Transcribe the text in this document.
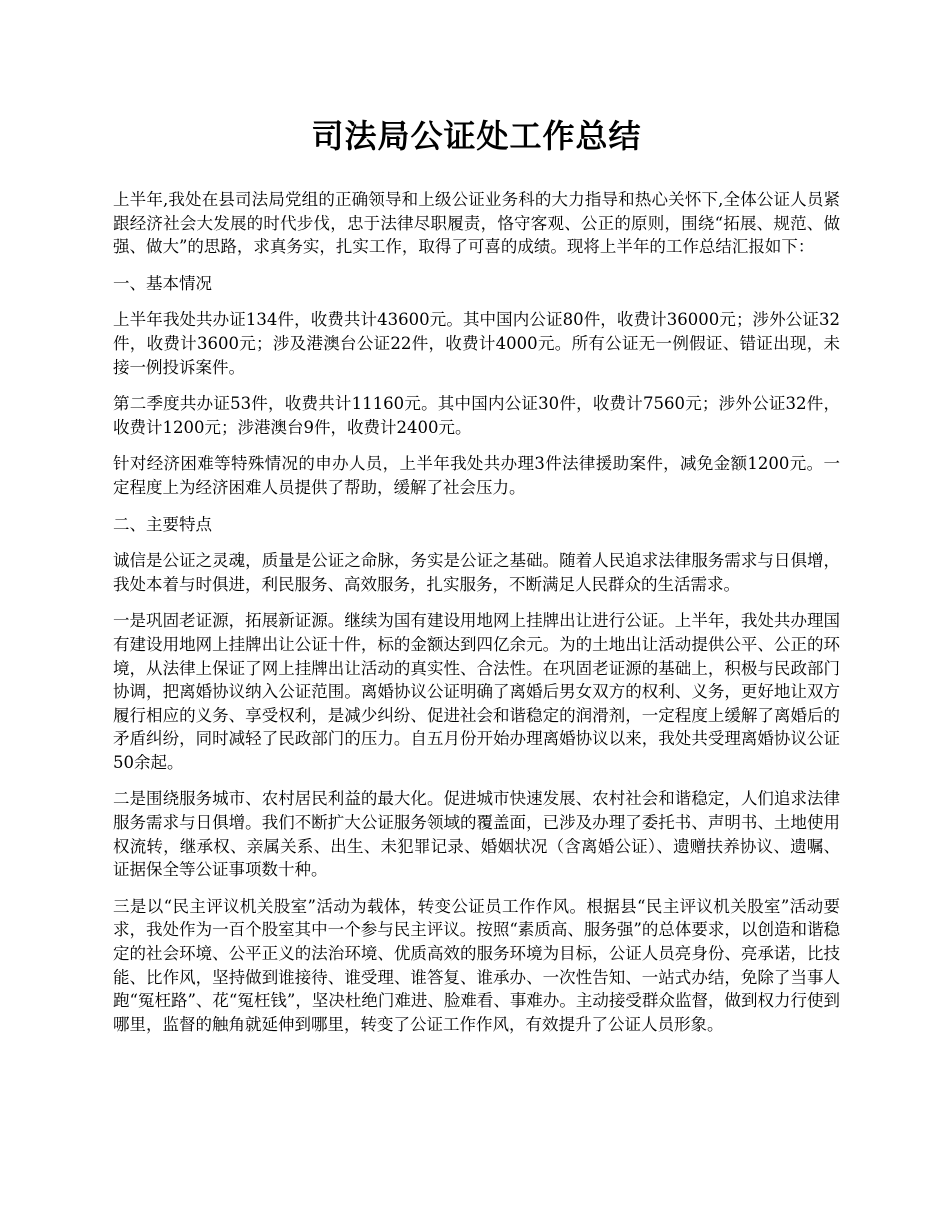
司法局公证处工作总结

上半年,我处在县司法局党组的正确领导和上级公证业务科的大力指导和热心关怀下,全体公证人员紧跟经济社会大发展的时代步伐，忠于法律尽职履责，恪守客观、公正的原则，围绕“拓展、规范、做强、做大”的思路，求真务实，扎实工作，取得了可喜的成绩。现将上半年的工作总结汇报如下：

一、基本情况

上半年我处共办证134件，收费共计43600元。其中国内公证80件，收费计36000元；涉外公证32件，收费计3600元；涉及港澳台公证22件，收费计4000元。所有公证无一例假证、错证出现，未接一例投诉案件。

第二季度共办证53件，收费共计11160元。其中国内公证30件，收费计7560元；涉外公证32件，收费计1200元；涉港澳台9件，收费计2400元。

针对经济困难等特殊情况的申办人员，上半年我处共办理3件法律援助案件，减免金额1200元。一定程度上为经济困难人员提供了帮助，缓解了社会压力。

二、主要特点

诚信是公证之灵魂，质量是公证之命脉，务实是公证之基础。随着人民追求法律服务需求与日俱增，我处本着与时俱进，利民服务、高效服务，扎实服务，不断满足人民群众的生活需求。

一是巩固老证源，拓展新证源。继续为国有建设用地网上挂牌出让进行公证。上半年，我处共办理国有建设用地网上挂牌出让公证十件，标的金额达到四亿余元。为的土地出让活动提供公平、公正的环境，从法律上保证了网上挂牌出让活动的真实性、合法性。在巩固老证源的基础上，积极与民政部门协调，把离婚协议纳入公证范围。离婚协议公证明确了离婚后男女双方的权利、义务，更好地让双方履行相应的义务、享受权利，是减少纠纷、促进社会和谐稳定的润滑剂，一定程度上缓解了离婚后的矛盾纠纷，同时减轻了民政部门的压力。自五月份开始办理离婚协议以来，我处共受理离婚协议公证50余起。

二是围绕服务城市、农村居民利益的最大化。促进城市快速发展、农村社会和谐稳定，人们追求法律服务需求与日俱增。我们不断扩大公证服务领域的覆盖面，已涉及办理了委托书、声明书、土地使用权流转，继承权、亲属关系、出生、未犯罪记录、婚姻状况（含离婚公证）、遗赠扶养协议、遗嘱、证据保全等公证事项数十种。

三是以“民主评议机关股室”活动为载体，转变公证员工作作风。根据县“民主评议机关股室”活动要求，我处作为一百个股室其中一个参与民主评议。按照“素质高、服务强”的总体要求，以创造和谐稳定的社会环境、公平正义的法治环境、优质高效的服务环境为目标，公证人员亮身份、亮承诺，比技能、比作风，坚持做到谁接待、谁受理、谁答复、谁承办、一次性告知、一站式办结，免除了当事人跑“冤枉路”、花“冤枉钱”，坚决杜绝门难进、脸难看、事难办。主动接受群众监督，做到权力行使到哪里，监督的触角就延伸到哪里，转变了公证工作作风，有效提升了公证人员形象。
